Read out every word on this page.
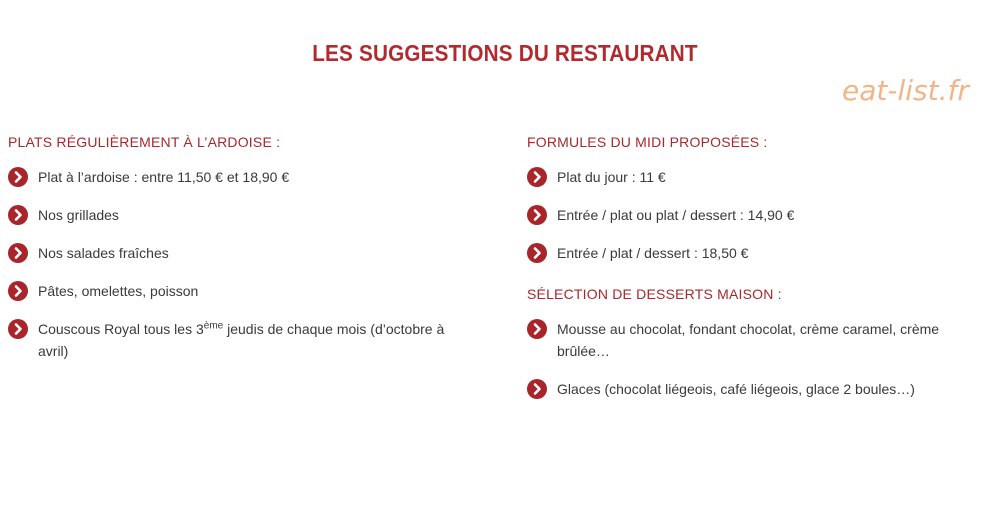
LES SUGGESTIONS DU RESTAURANT
eat-list.fr
PLATS RÉGULIÈREMENT À L’ARDOISE :
Plat à l’ardoise : entre 11,50 € et 18,90 €
Nos grillades
Nos salades fraîches
Pâtes, omelettes, poisson
Couscous Royal tous les 3ème jeudis de chaque mois (d’octobre à avril)
FORMULES DU MIDI PROPOSÉES :
Plat du jour : 11 €
Entrée / plat ou plat / dessert : 14,90 €
Entrée / plat / dessert : 18,50 €
SÉLECTION DE DESSERTS MAISON :
Mousse au chocolat, fondant chocolat, crème caramel, crème brûlée…
Glaces (chocolat liégeois, café liégeois, glace 2 boules…)
